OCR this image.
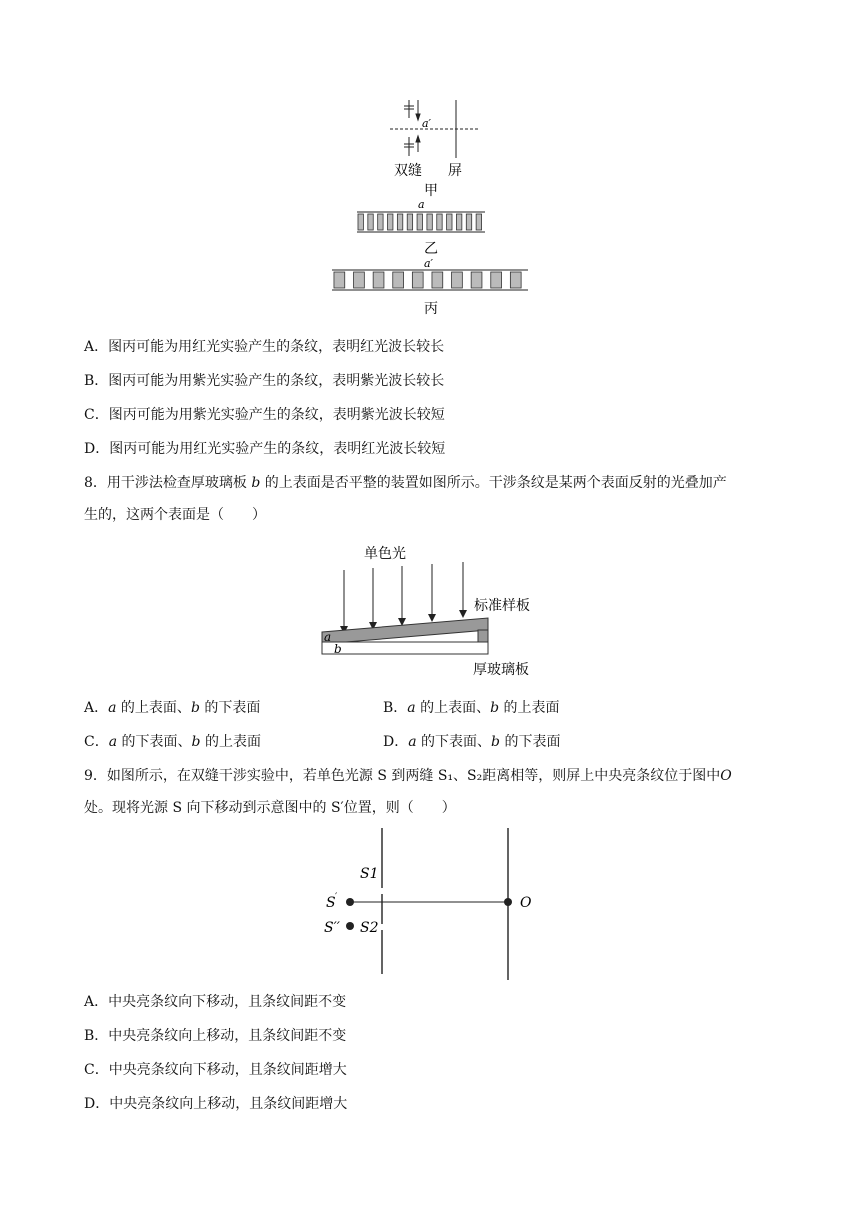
a′
双缝 屏
甲
a
乙
a′
丙
A．图丙可能为用红光实验产生的条纹，表明红光波长较长
B．图丙可能为用紫光实验产生的条纹，表明紫光波长较长
C．图丙可能为用紫光实验产生的条纹，表明紫光波长较短
D．图丙可能为用红光实验产生的条纹，表明红光波长较短
8．用干涉法检查厚玻璃板 b 的上表面是否平整的装置如图所示。干涉条纹是某两个表面反射的光叠加产
生的，这两个表面是（　　）
单色光
标准样板
a
b
厚玻璃板
A．a 的上表面、b 的下表面	B．a 的上表面、b 的上表面
C．a 的下表面、b 的上表面	D．a 的下表面、b 的下表面
9．如图所示，在双缝干涉实验中，若单色光源 S 到两缝 S₁、S₂距离相等，则屏上中央亮条纹位于图中O
处。现将光源 S 向下移动到示意图中的 S′位置，则（　　）
S ′
S′′
S1
S2
O
A．中央亮条纹向下移动，且条纹间距不变
B．中央亮条纹向上移动，且条纹间距不变
C．中央亮条纹向下移动，且条纹间距增大
D．中央亮条纹向上移动，且条纹间距增大
